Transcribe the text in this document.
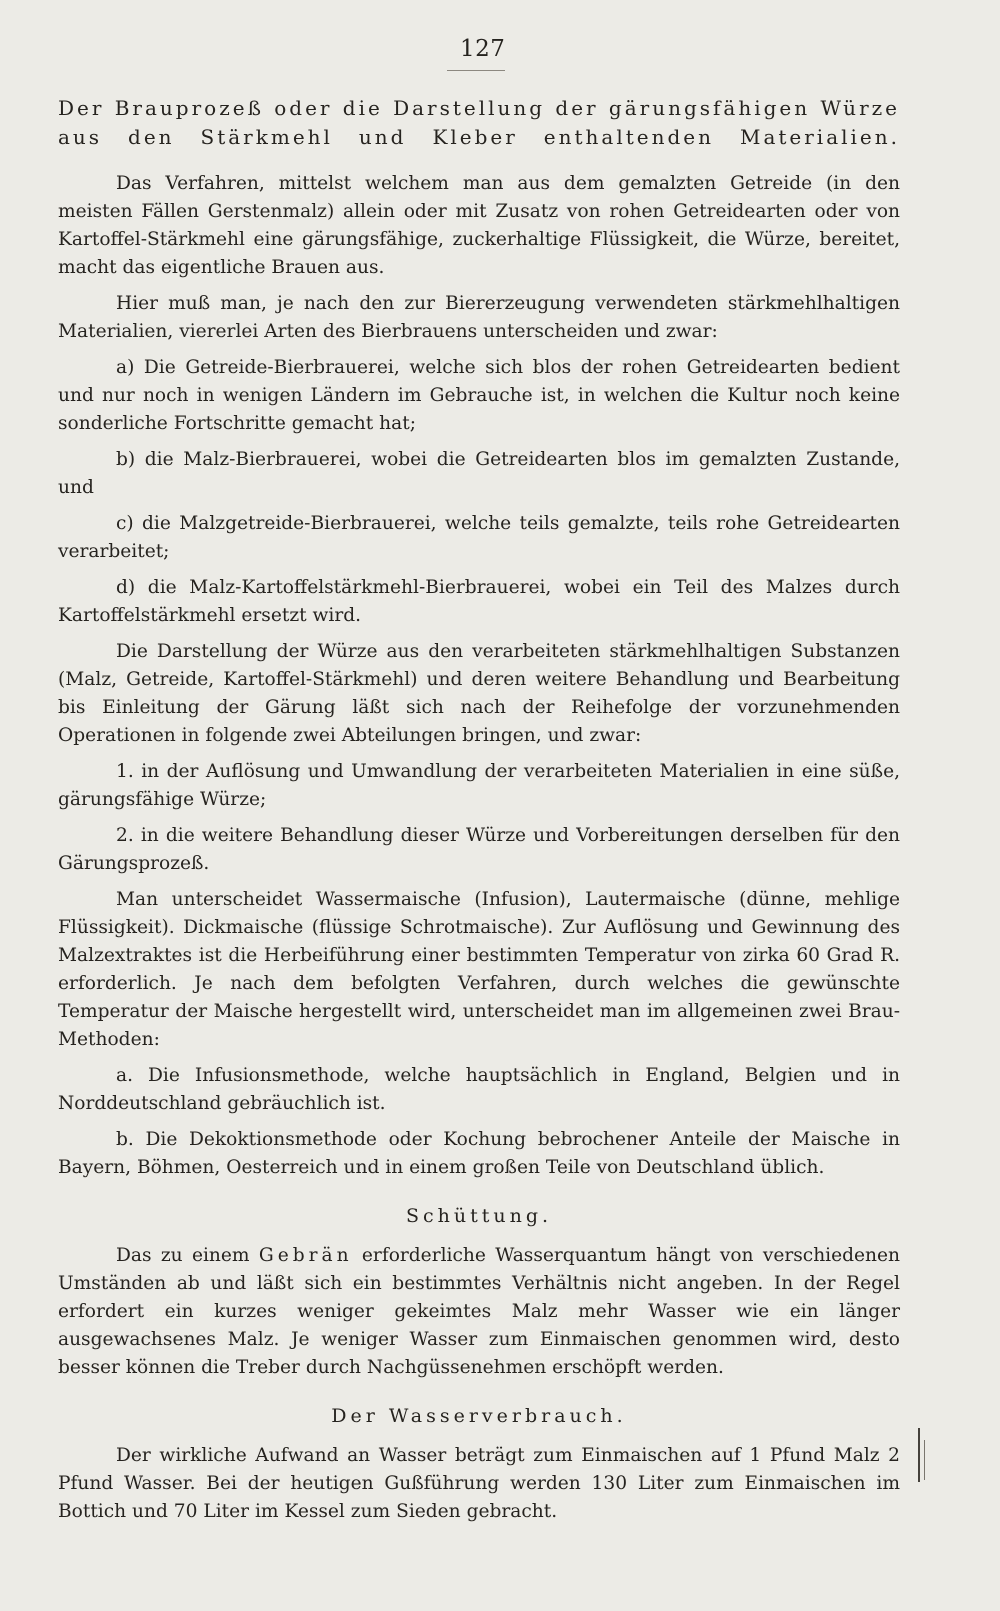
127
Der Brauprozeß oder die Darstellung der gärungsfähigen Würze
aus den Stärkmehl und Kleber enthaltenden Materialien.

Das Verfahren, mittelst welchem man aus dem gemalzten Getreide (in den meisten Fällen Gerstenmalz) allein oder mit Zusatz von rohen Getreidearten oder von Kartoffel-Stärkmehl eine gärungsfähige, zuckerhaltige Flüssigkeit, die Würze, bereitet, macht das eigentliche Brauen aus.

Hier muß man, je nach den zur Biererzeugung verwendeten stärkmehlhaltigen Materialien, viererlei Arten des Bierbrauens unterscheiden und zwar:

a) Die Getreide-Bierbrauerei, welche sich blos der rohen Getreidearten bedient und nur noch in wenigen Ländern im Gebrauche ist, in welchen die Kultur noch keine sonderliche Fortschritte gemacht hat;

b) die Malz-Bierbrauerei, wobei die Getreidearten blos im gemalzten Zustande, und

c) die Malzgetreide-Bierbrauerei, welche teils gemalzte, teils rohe Getreidearten verarbeitet;

d) die Malz-Kartoffelstärkmehl-Bierbrauerei, wobei ein Teil des Malzes durch Kartoffelstärkmehl ersetzt wird.

Die Darstellung der Würze aus den verarbeiteten stärkmehlhaltigen Substanzen (Malz, Getreide, Kartoffel-Stärkmehl) und deren weitere Behandlung und Bearbeitung bis Einleitung der Gärung läßt sich nach der Reihefolge der vorzunehmenden Operationen in folgende zwei Abteilungen bringen, und zwar:

1. in der Auflösung und Umwandlung der verarbeiteten Materialien in eine süße, gärungsfähige Würze;

2. in die weitere Behandlung dieser Würze und Vorbereitungen derselben für den Gärungsprozeß.

Man unterscheidet Wassermaische (Infusion), Lautermaische (dünne, mehlige Flüssigkeit). Dickmaische (flüssige Schrotmaische). Zur Auflösung und Gewinnung des Malzextraktes ist die Herbeiführung einer bestimmten Temperatur von zirka 60 Grad R. erforderlich. Je nach dem befolgten Verfahren, durch welches die gewünschte Temperatur der Maische hergestellt wird, unterscheidet man im allgemeinen zwei Brau-Methoden:

a. Die Infusionsmethode, welche hauptsächlich in England, Belgien und in Norddeutschland gebräuchlich ist.

b. Die Dekoktionsmethode oder Kochung bebrochener Anteile der Maische in Bayern, Böhmen, Oesterreich und in einem großen Teile von Deutschland üblich.

Schüttung.

Das zu einem Gebrän erforderliche Wasserquantum hängt von verschiedenen Umständen ab und läßt sich ein bestimmtes Verhältnis nicht angeben. In der Regel erfordert ein kurzes weniger gekeimtes Malz mehr Wasser wie ein länger ausgewachsenes Malz. Je weniger Wasser zum Einmaischen genommen wird, desto besser können die Treber durch Nachgüssenehmen erschöpft werden.

Der Wasserverbrauch.

Der wirkliche Aufwand an Wasser beträgt zum Einmaischen auf 1 Pfund Malz 2 Pfund Wasser. Bei der heutigen Gußführung werden 130 Liter zum Einmaischen im Bottich und 70 Liter im Kessel zum Sieden gebracht.
